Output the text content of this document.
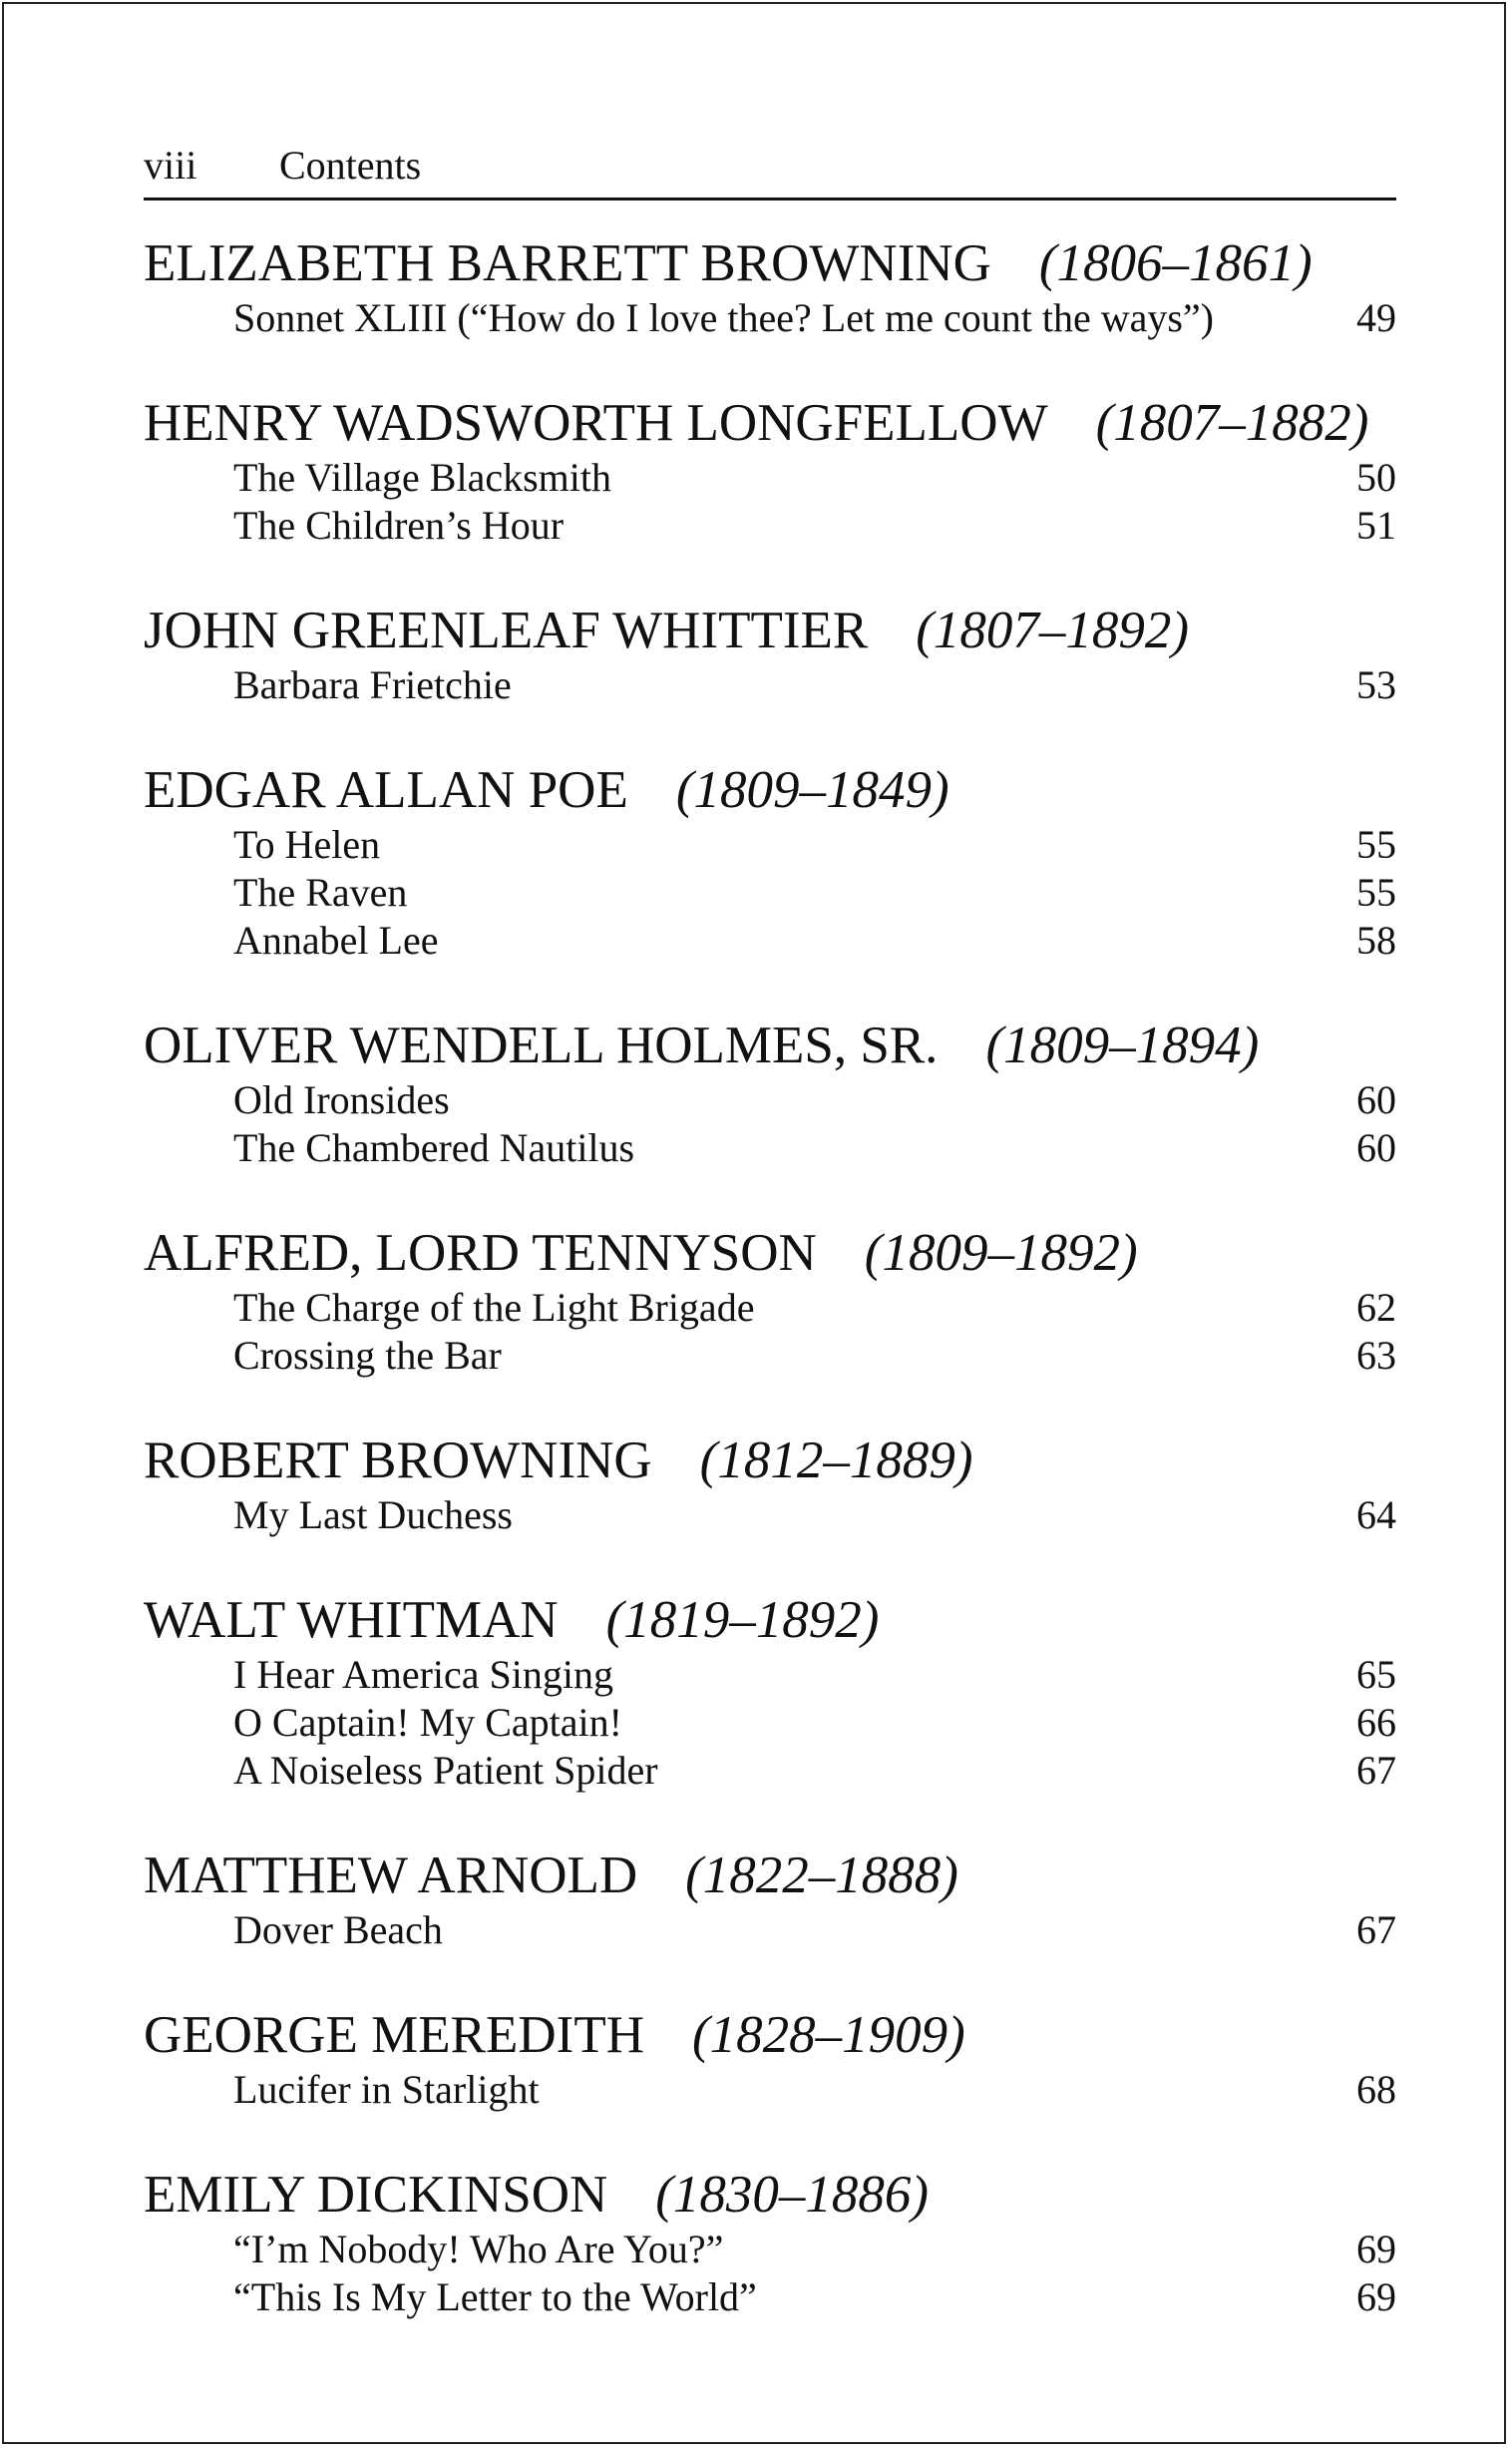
viii Contents
ELIZABETH BARRETT BROWNING (1806–1861)
Sonnet XLIII (“How do I love thee? Let me count the ways”)	49
HENRY WADSWORTH LONGFELLOW (1807–1882)
The Village Blacksmith	50
The Children’s Hour	51
JOHN GREENLEAF WHITTIER (1807–1892)
Barbara Frietchie	53
EDGAR ALLAN POE (1809–1849)
To Helen	55
The Raven	55
Annabel Lee	58
OLIVER WENDELL HOLMES, SR. (1809–1894)
Old Ironsides	60
The Chambered Nautilus	60
ALFRED, LORD TENNYSON (1809–1892)
The Charge of the Light Brigade	62
Crossing the Bar	63
ROBERT BROWNING (1812–1889)
My Last Duchess	64
WALT WHITMAN (1819–1892)
I Hear America Singing	65
O Captain! My Captain!	66
A Noiseless Patient Spider	67
MATTHEW ARNOLD (1822–1888)
Dover Beach	67
GEORGE MEREDITH (1828–1909)
Lucifer in Starlight	68
EMILY DICKINSON (1830–1886)
“I’m Nobody! Who Are You?”	69
“This Is My Letter to the World”	69
